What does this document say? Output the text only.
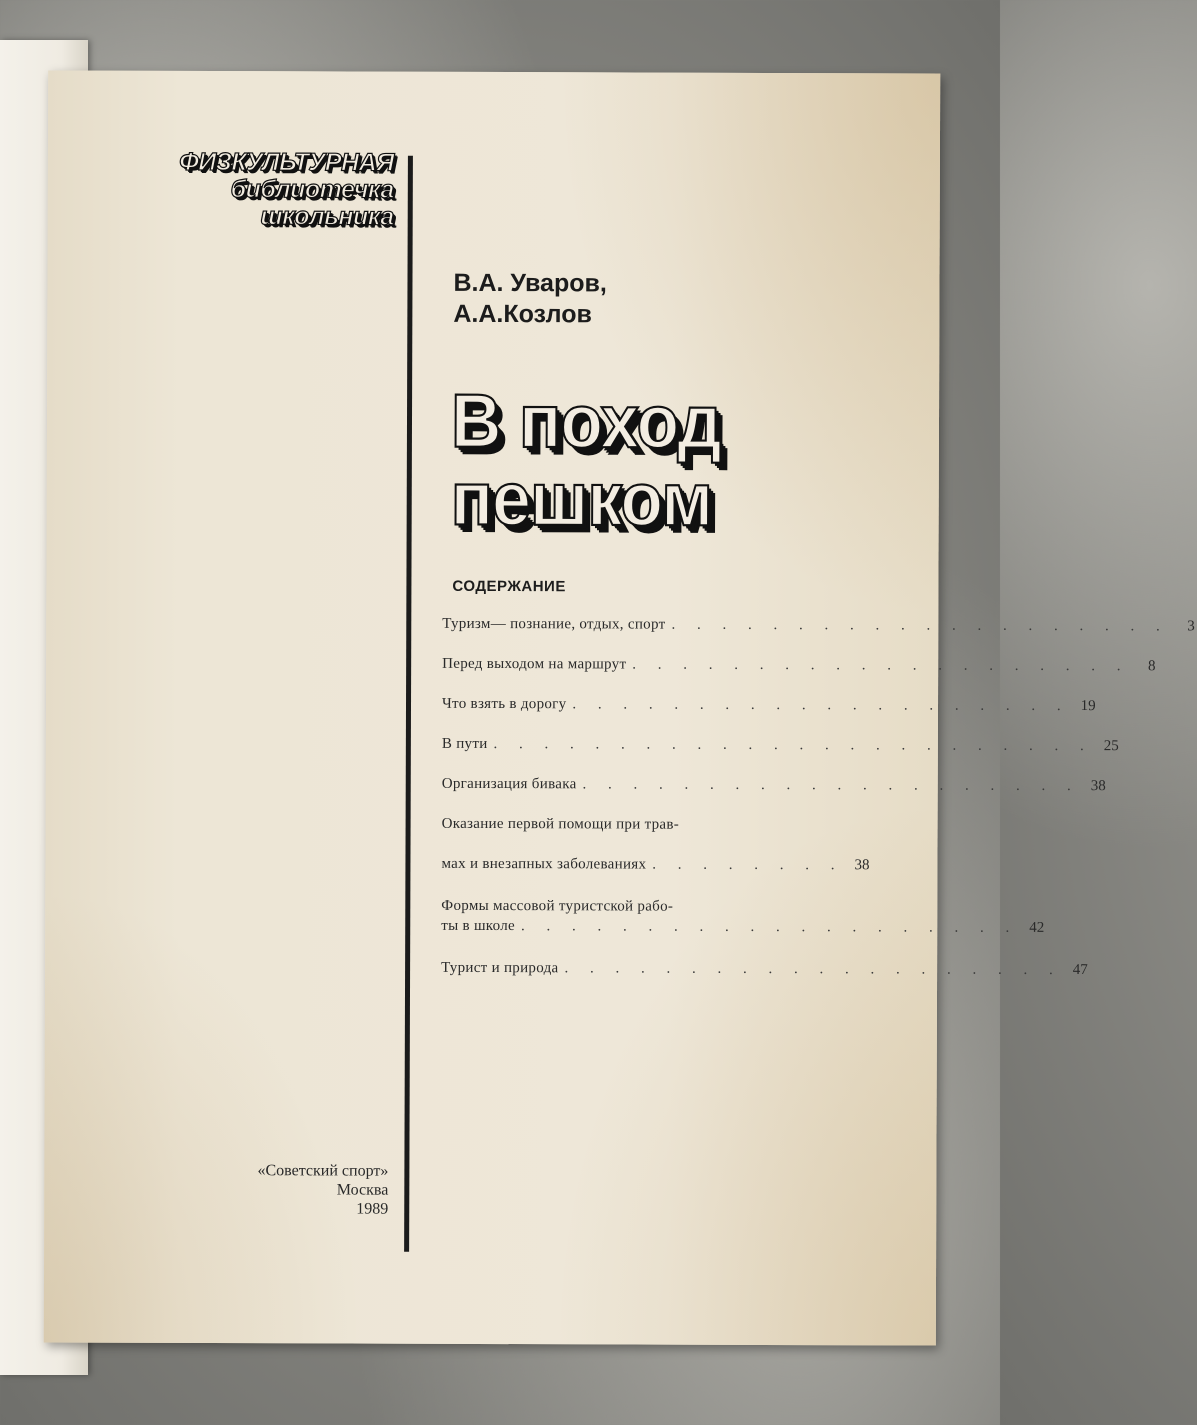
ФИЗКУЛЬТУРНАЯ
библиотечка
школьника
В.А. Уваров,
А.А.Козлов
В поход
пешком
СОДЕРЖАНИЕ
Туризм— познание, отдых, спорт . . . . . . . . . . . . . . . . . . . .	3
Перед выходом на маршрут . . . . . . . . . . . . . . . . . . . .	8
Что взять в дорогу . . . . . . . . . . . . . . . . . . . . 19
В пути . . . . . . . . . . . . . . . . . . . . . . . . 25
Организация бивака . . . . . . . . . . . . . . . . . . . . 38
Оказание первой помощи при трав-
мах и внезапных заболеваниях . . . . . . . . 38
Формы массовой туристской рабо-
ты в школе . . . . . . . . . . . . . . . . . . . . 42
Турист и природа . . . . . . . . . . . . . . . . . . . . 47
«Советский спорт»
Москва
1989
